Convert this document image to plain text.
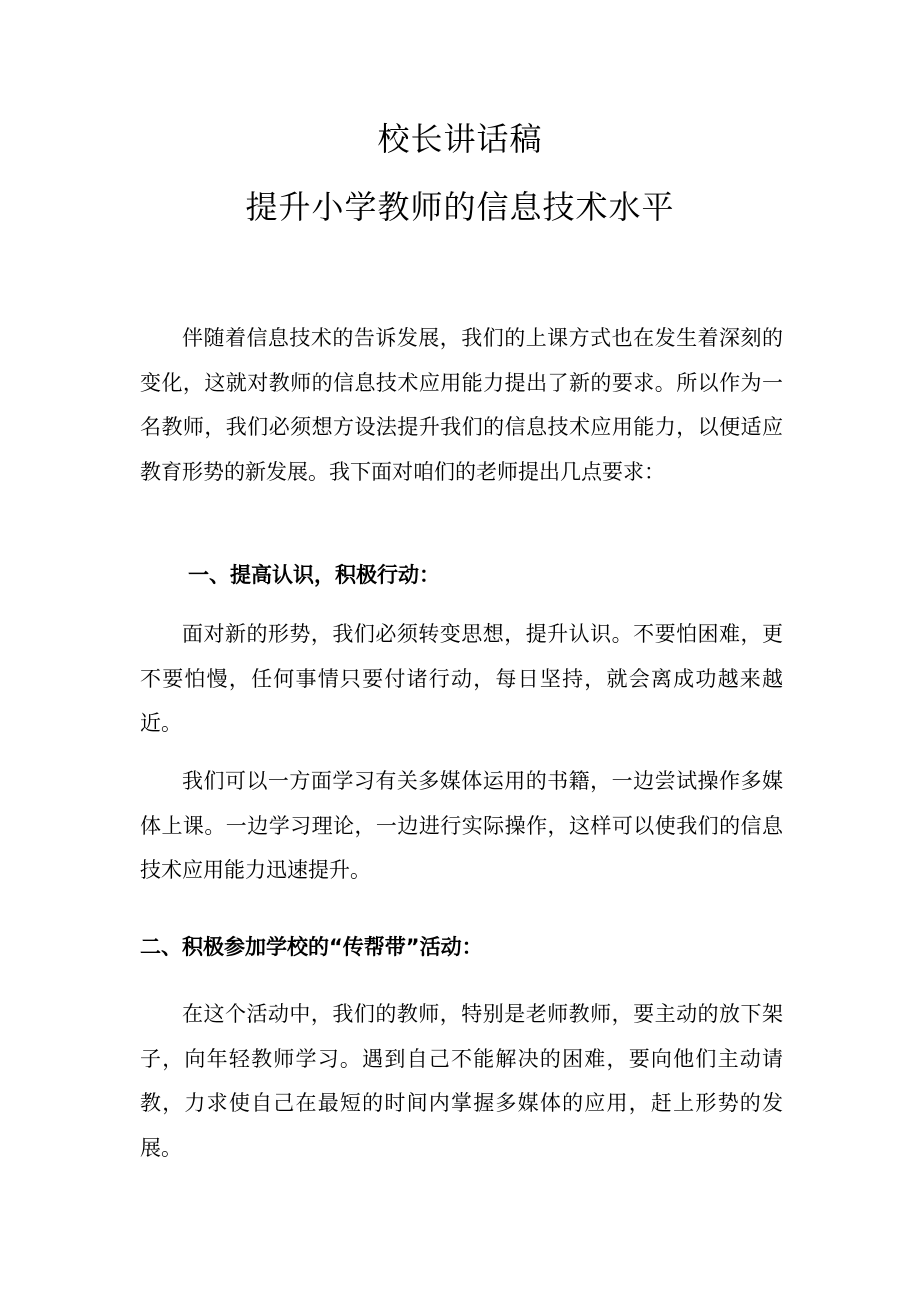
校长讲话稿
提升小学教师的信息技术水平

伴随着信息技术的告诉发展，我们的上课方式也在发生着深刻的变化，这就对教师的信息技术应用能力提出了新的要求。所以作为一名教师，我们必须想方设法提升我们的信息技术应用能力，以便适应教育形势的新发展。我下面对咱们的老师提出几点要求：

一、提高认识，积极行动：

面对新的形势，我们必须转变思想，提升认识。不要怕困难，更不要怕慢，任何事情只要付诸行动，每日坚持，就会离成功越来越近。

我们可以一方面学习有关多媒体运用的书籍，一边尝试操作多媒体上课。一边学习理论，一边进行实际操作，这样可以使我们的信息技术应用能力迅速提升。

二、积极参加学校的“传帮带”活动：

在这个活动中，我们的教师，特别是老师教师，要主动的放下架子，向年轻教师学习。遇到自己不能解决的困难，要向他们主动请教，力求使自己在最短的时间内掌握多媒体的应用，赶上形势的发展。
